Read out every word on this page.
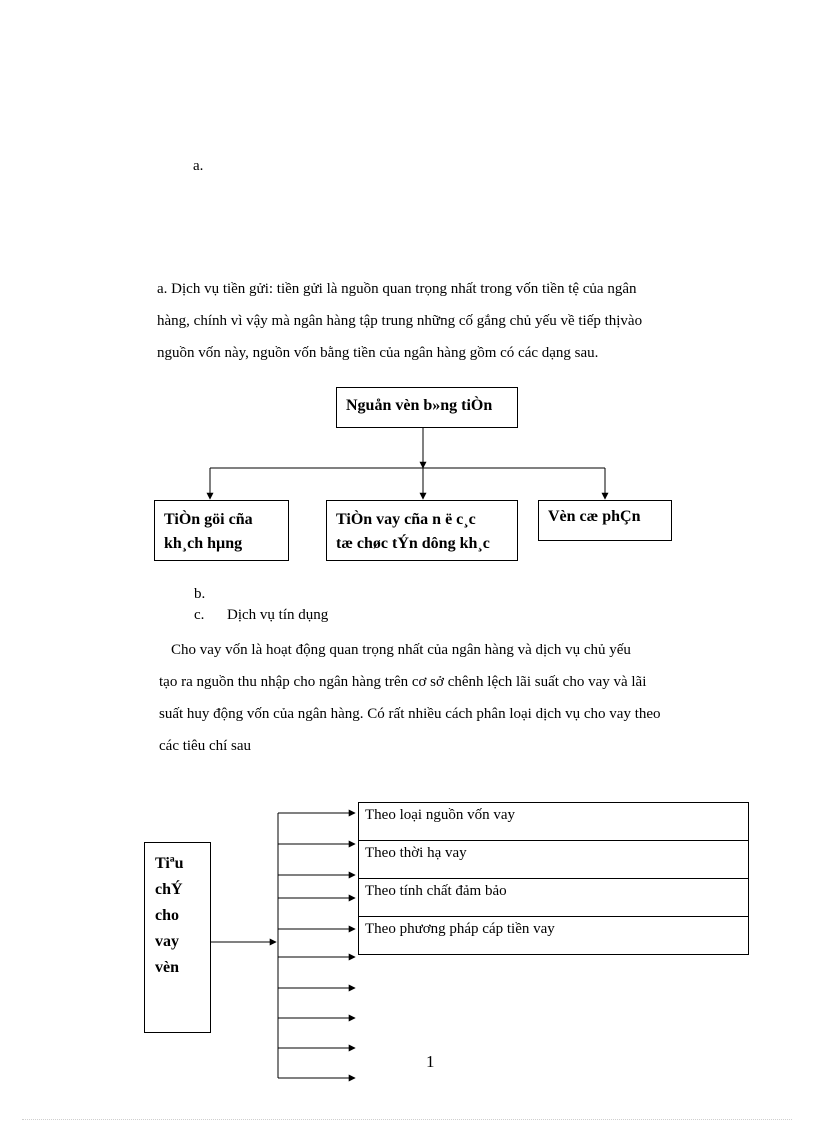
a.
a. Dịch vụ tiền gửi: tiền gửi là nguồn quan trọng nhất trong vốn tiền tệ của ngân
hàng, chính vì vậy mà ngân hàng tập trung những cố gắng chủ yếu về tiếp thịvào
nguồn vốn này, nguồn vốn bằng tiền của ngân hàng gồm có các dạng sau.
Nguån vèn b»ng tiÒn
TiÒn göi cña
kh¸ch hµng
TiÒn vay cña n ë c¸c
tæ chøc tÝn dông kh¸c
Vèn cæ phÇn
b.
c. Dịch vụ tín dụng
Cho vay vốn là hoạt động quan trọng nhất của ngân hàng và dịch vụ chủ yếu
tạo ra nguồn thu nhập cho ngân hàng trên cơ sở chênh lệch lãi suất cho vay và lãi
suất huy động vốn của ngân hàng. Có rất nhiều cách phân loại dịch vụ cho vay theo
các tiêu chí sau
Tiªu
chÝ
cho
vay
vèn
Theo loại nguồn vốn vay
Theo thời hạ vay
Theo tính chất đảm bảo
Theo phương pháp cáp tiền vay
1
